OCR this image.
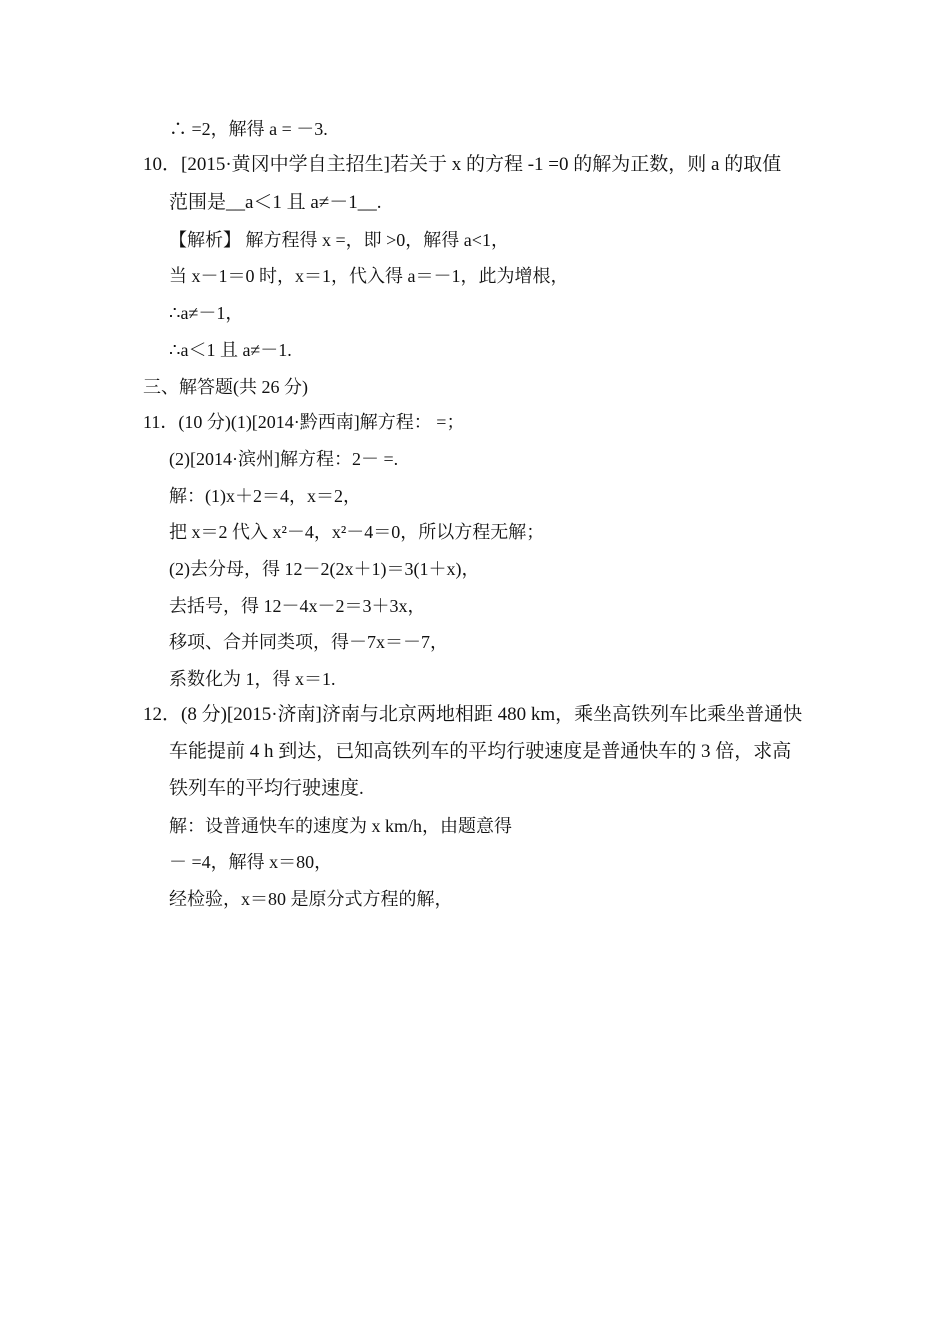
∴ =2，解得 a = －3.
10．[2015·黄冈中学自主招生]若关于 x 的方程 -1 =0 的解为正数，则 a 的取值
范围是__a＜1 且 a≠－1__.
【解析】 解方程得 x =，即 >0，解得 a<1，
当 x－1＝0 时，x＝1，代入得 a＝－1，此为增根，
∴a≠－1，
∴a＜1 且 a≠－1.
三、解答题(共 26 分)
11．(10 分)(1)[2014·黔西南]解方程： =；
(2)[2014·滨州]解方程：2－ =.
解：(1)x＋2＝4，x＝2，
把 x＝2 代入 x²－4，x²－4＝0，所以方程无解；
(2)去分母，得 12－2(2x＋1)＝3(1＋x)，
去括号，得 12－4x－2＝3＋3x，
移项、合并同类项，得－7x＝－7，
系数化为 1，得 x＝1.
12．(8 分)[2015·济南]济南与北京两地相距 480 km，乘坐高铁列车比乘坐普通快
车能提前 4 h 到达，已知高铁列车的平均行驶速度是普通快车的 3 倍，求高
铁列车的平均行驶速度.
解：设普通快车的速度为 x km/h，由题意得
－ =4，解得 x＝80，
经检验，x＝80 是原分式方程的解，
